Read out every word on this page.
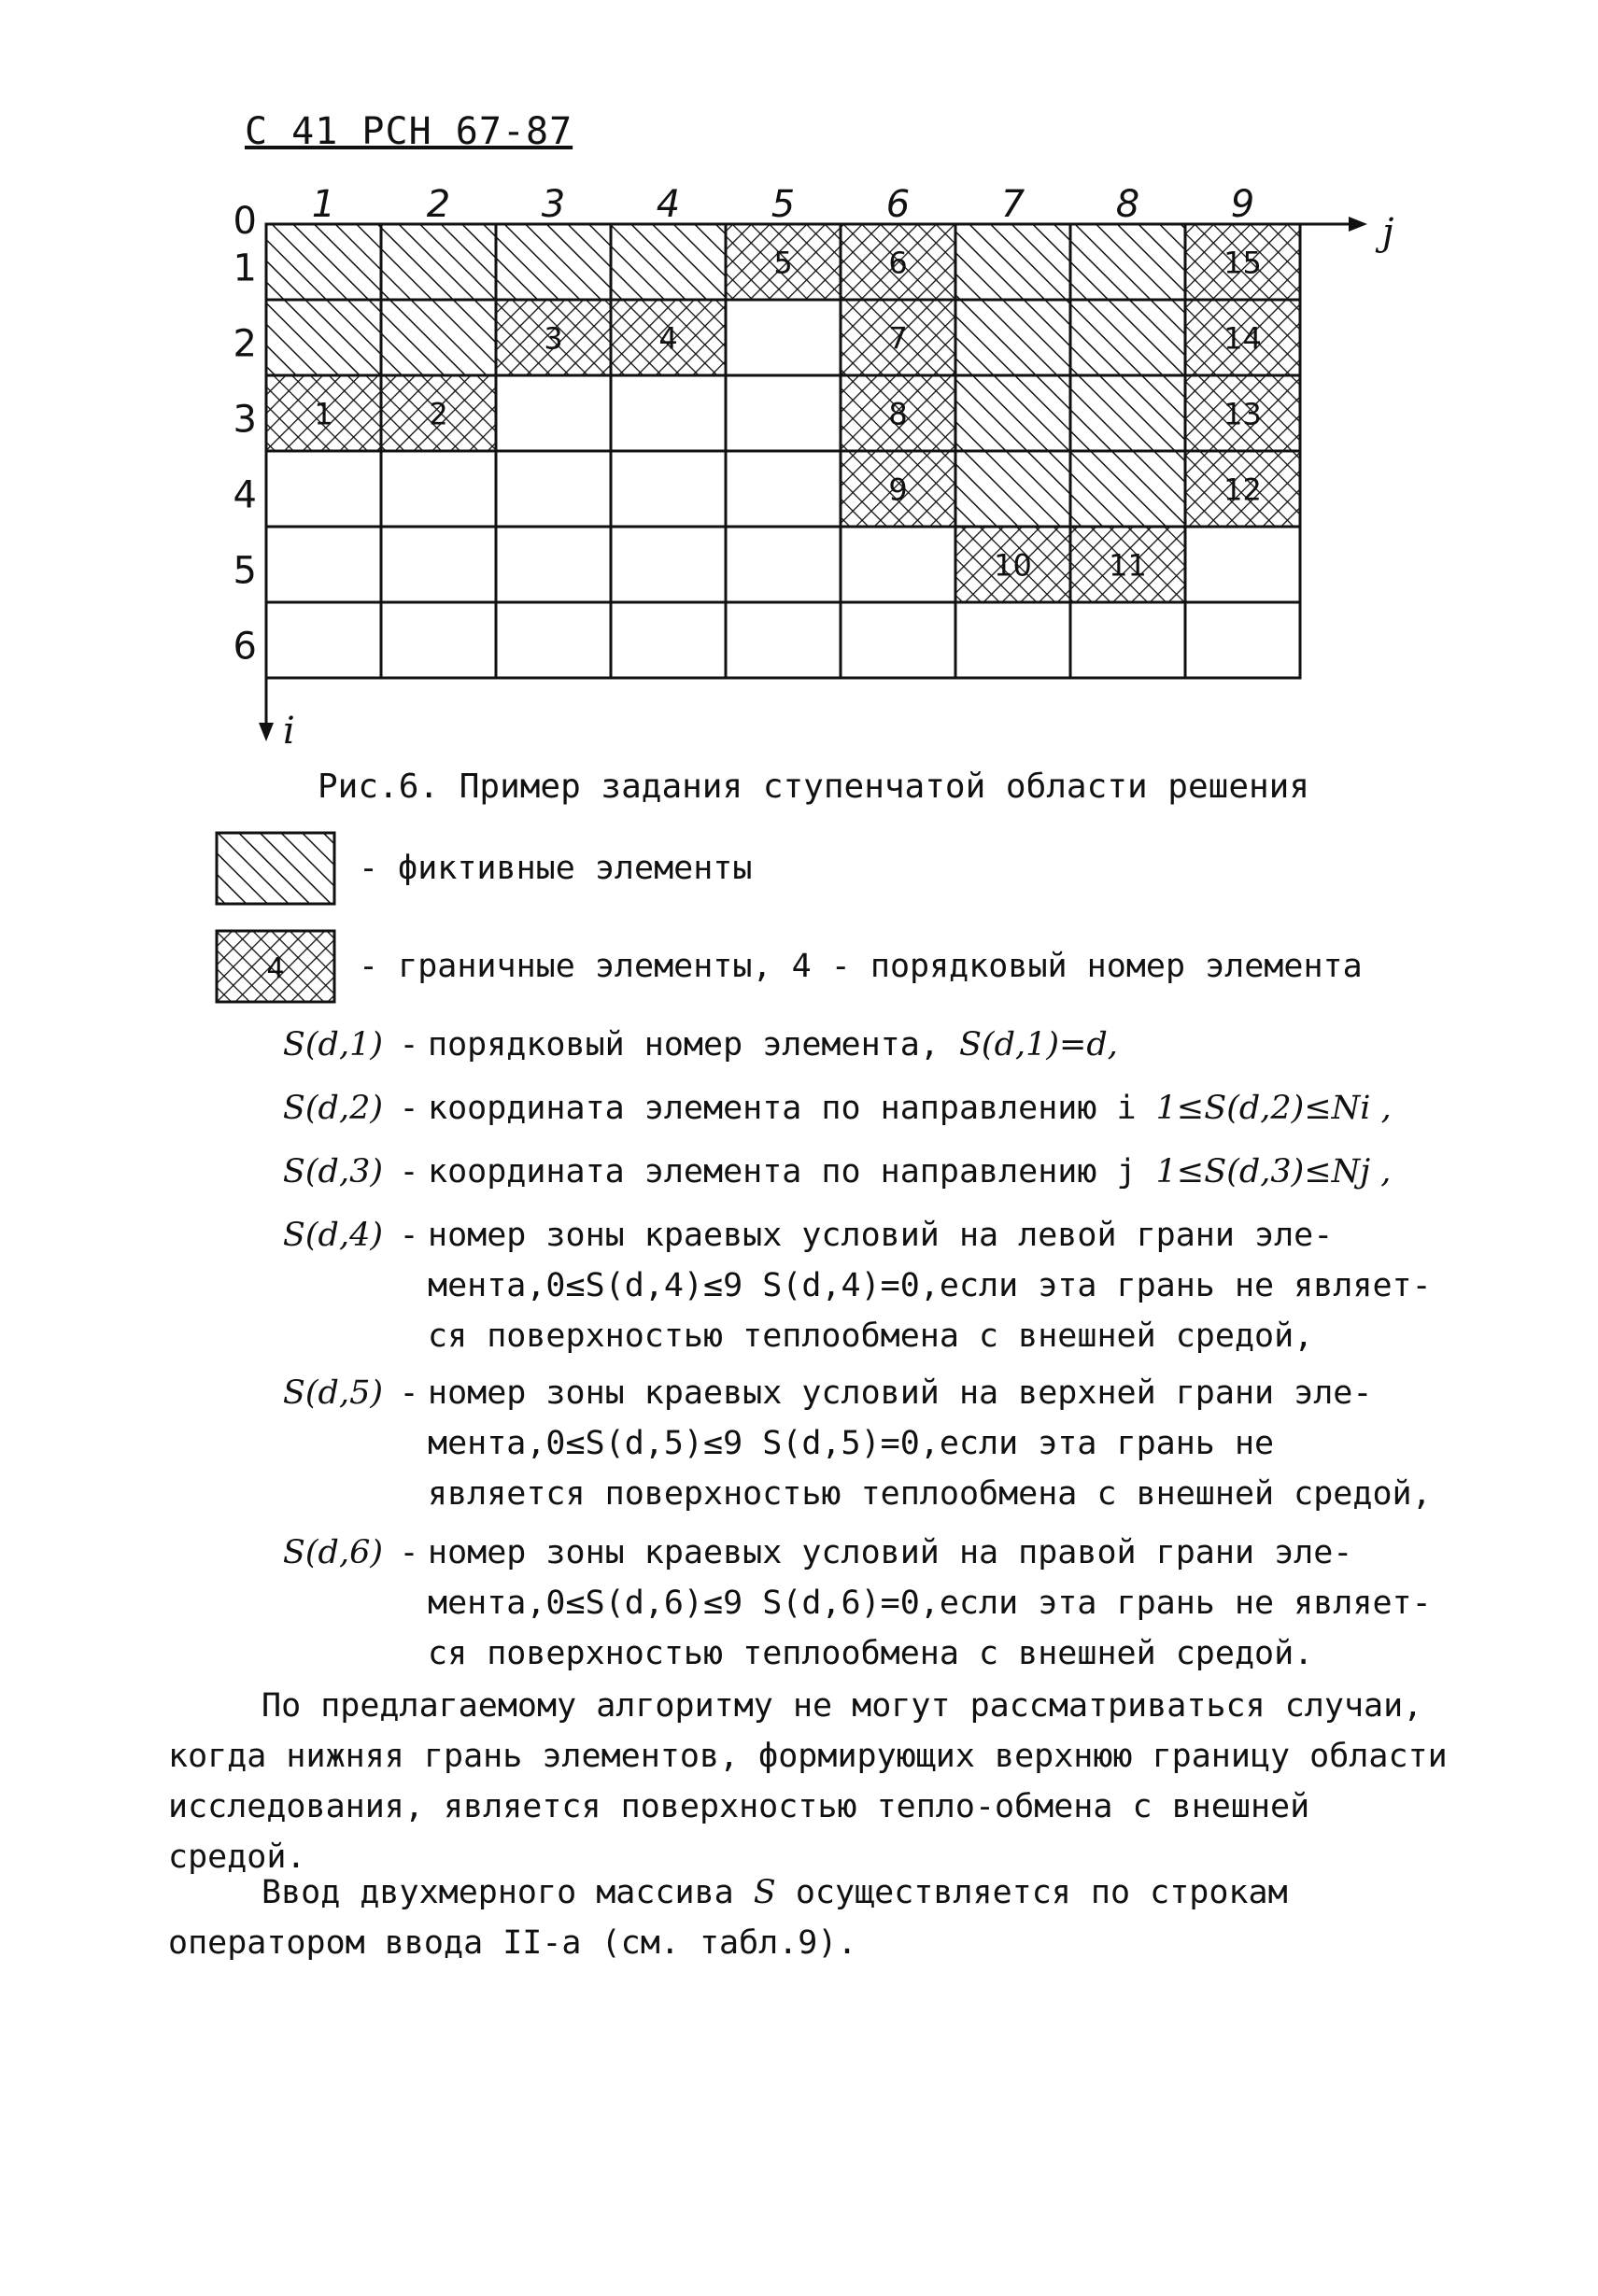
С 41 РСН 67-87
5	6	15
3	4	7	14
1	2	8	13
9	12
10	11
1 2 3 4 5 6 7 8 9
0
1
2
3
4
5
6
j
i
Рис.6. Пример задания ступенчатой области решения
- фиктивные элементы
4 - граничные элементы, 4 - порядковый номер элемента
S(d,1) - порядковый номер элемента, S(d,1)=d,
S(d,2) - координата элемента по направлению i 1≤S(d,2)≤Ni ,
S(d,3) - координата элемента по направлению j 1≤S(d,3)≤Nj ,
S(d,4) - номер зоны краевых условий на левой грани эле-мента,0≤S(d,4)≤9 S(d,4)=0,если эта грань не являет-ся поверхностью теплообмена с внешней средой,
S(d,5) - номер зоны краевых условий на верхней грани эле-мента,0≤S(d,5)≤9 S(d,5)=0,если эта грань не является поверхностью теплообмена с внешней средой,
S(d,6) - номер зоны краевых условий на правой грани эле-мента,0≤S(d,6)≤9 S(d,6)=0,если эта грань не являет-ся поверхностью теплообмена с внешней средой.
По предлагаемому алгоритму не могут рассматриваться случаи, когда нижняя грань элементов, формирующих верхнюю границу области исследования, является поверхностью тепло-обмена с внешней средой.
Ввод двухмерного массива S осуществляется по строкам оператором ввода II-а (см. табл.9).
